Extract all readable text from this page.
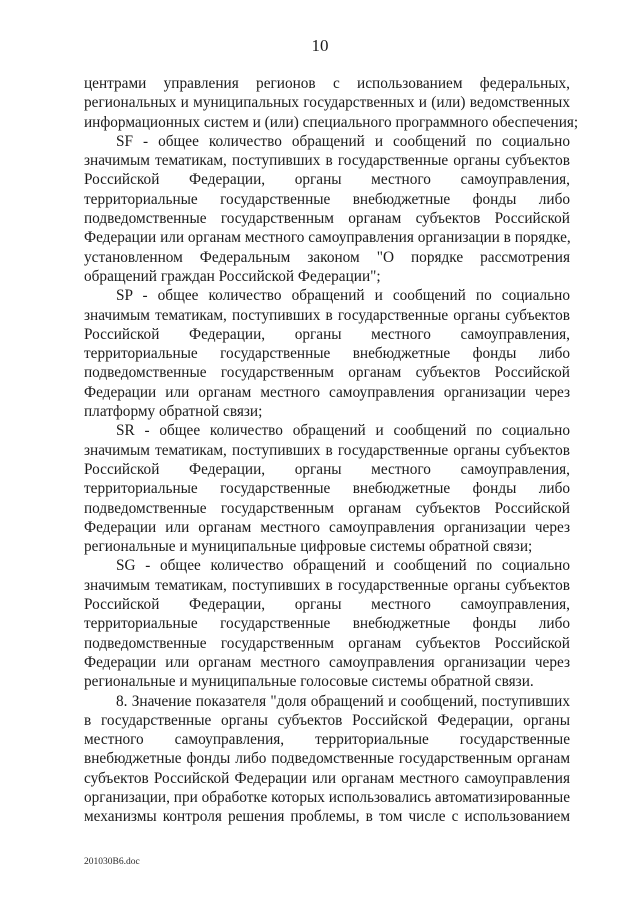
10
центрами управления регионов с использованием федеральных,
региональных и муниципальных государственных и (или) ведомственных
информационных систем и (или) специального программного обеспечения;
SF - общее количество обращений и сообщений по социально
значимым тематикам, поступивших в государственные органы субъектов
Российской Федерации, органы местного самоуправления,
территориальные государственные внебюджетные фонды либо
подведомственные государственным органам субъектов Российской
Федерации или органам местного самоуправления организации в порядке,
установленном Федеральным законом "О порядке рассмотрения
обращений граждан Российской Федерации";
SP - общее количество обращений и сообщений по социально
значимым тематикам, поступивших в государственные органы субъектов
Российской Федерации, органы местного самоуправления,
территориальные государственные внебюджетные фонды либо
подведомственные государственным органам субъектов Российской
Федерации или органам местного самоуправления организации через
платформу обратной связи;
SR - общее количество обращений и сообщений по социально
значимым тематикам, поступивших в государственные органы субъектов
Российской Федерации, органы местного самоуправления,
территориальные государственные внебюджетные фонды либо
подведомственные государственным органам субъектов Российской
Федерации или органам местного самоуправления организации через
региональные и муниципальные цифровые системы обратной связи;
SG - общее количество обращений и сообщений по социально
значимым тематикам, поступивших в государственные органы субъектов
Российской Федерации, органы местного самоуправления,
территориальные государственные внебюджетные фонды либо
подведомственные государственным органам субъектов Российской
Федерации или органам местного самоуправления организации через
региональные и муниципальные голосовые системы обратной связи.
8. Значение показателя "доля обращений и сообщений, поступивших
в государственные органы субъектов Российской Федерации, органы
местного самоуправления, территориальные государственные
внебюджетные фонды либо подведомственные государственным органам
субъектов Российской Федерации или органам местного самоуправления
организации, при обработке которых использовались автоматизированные
механизмы контроля решения проблемы, в том числе с использованием
201030B6.doc
